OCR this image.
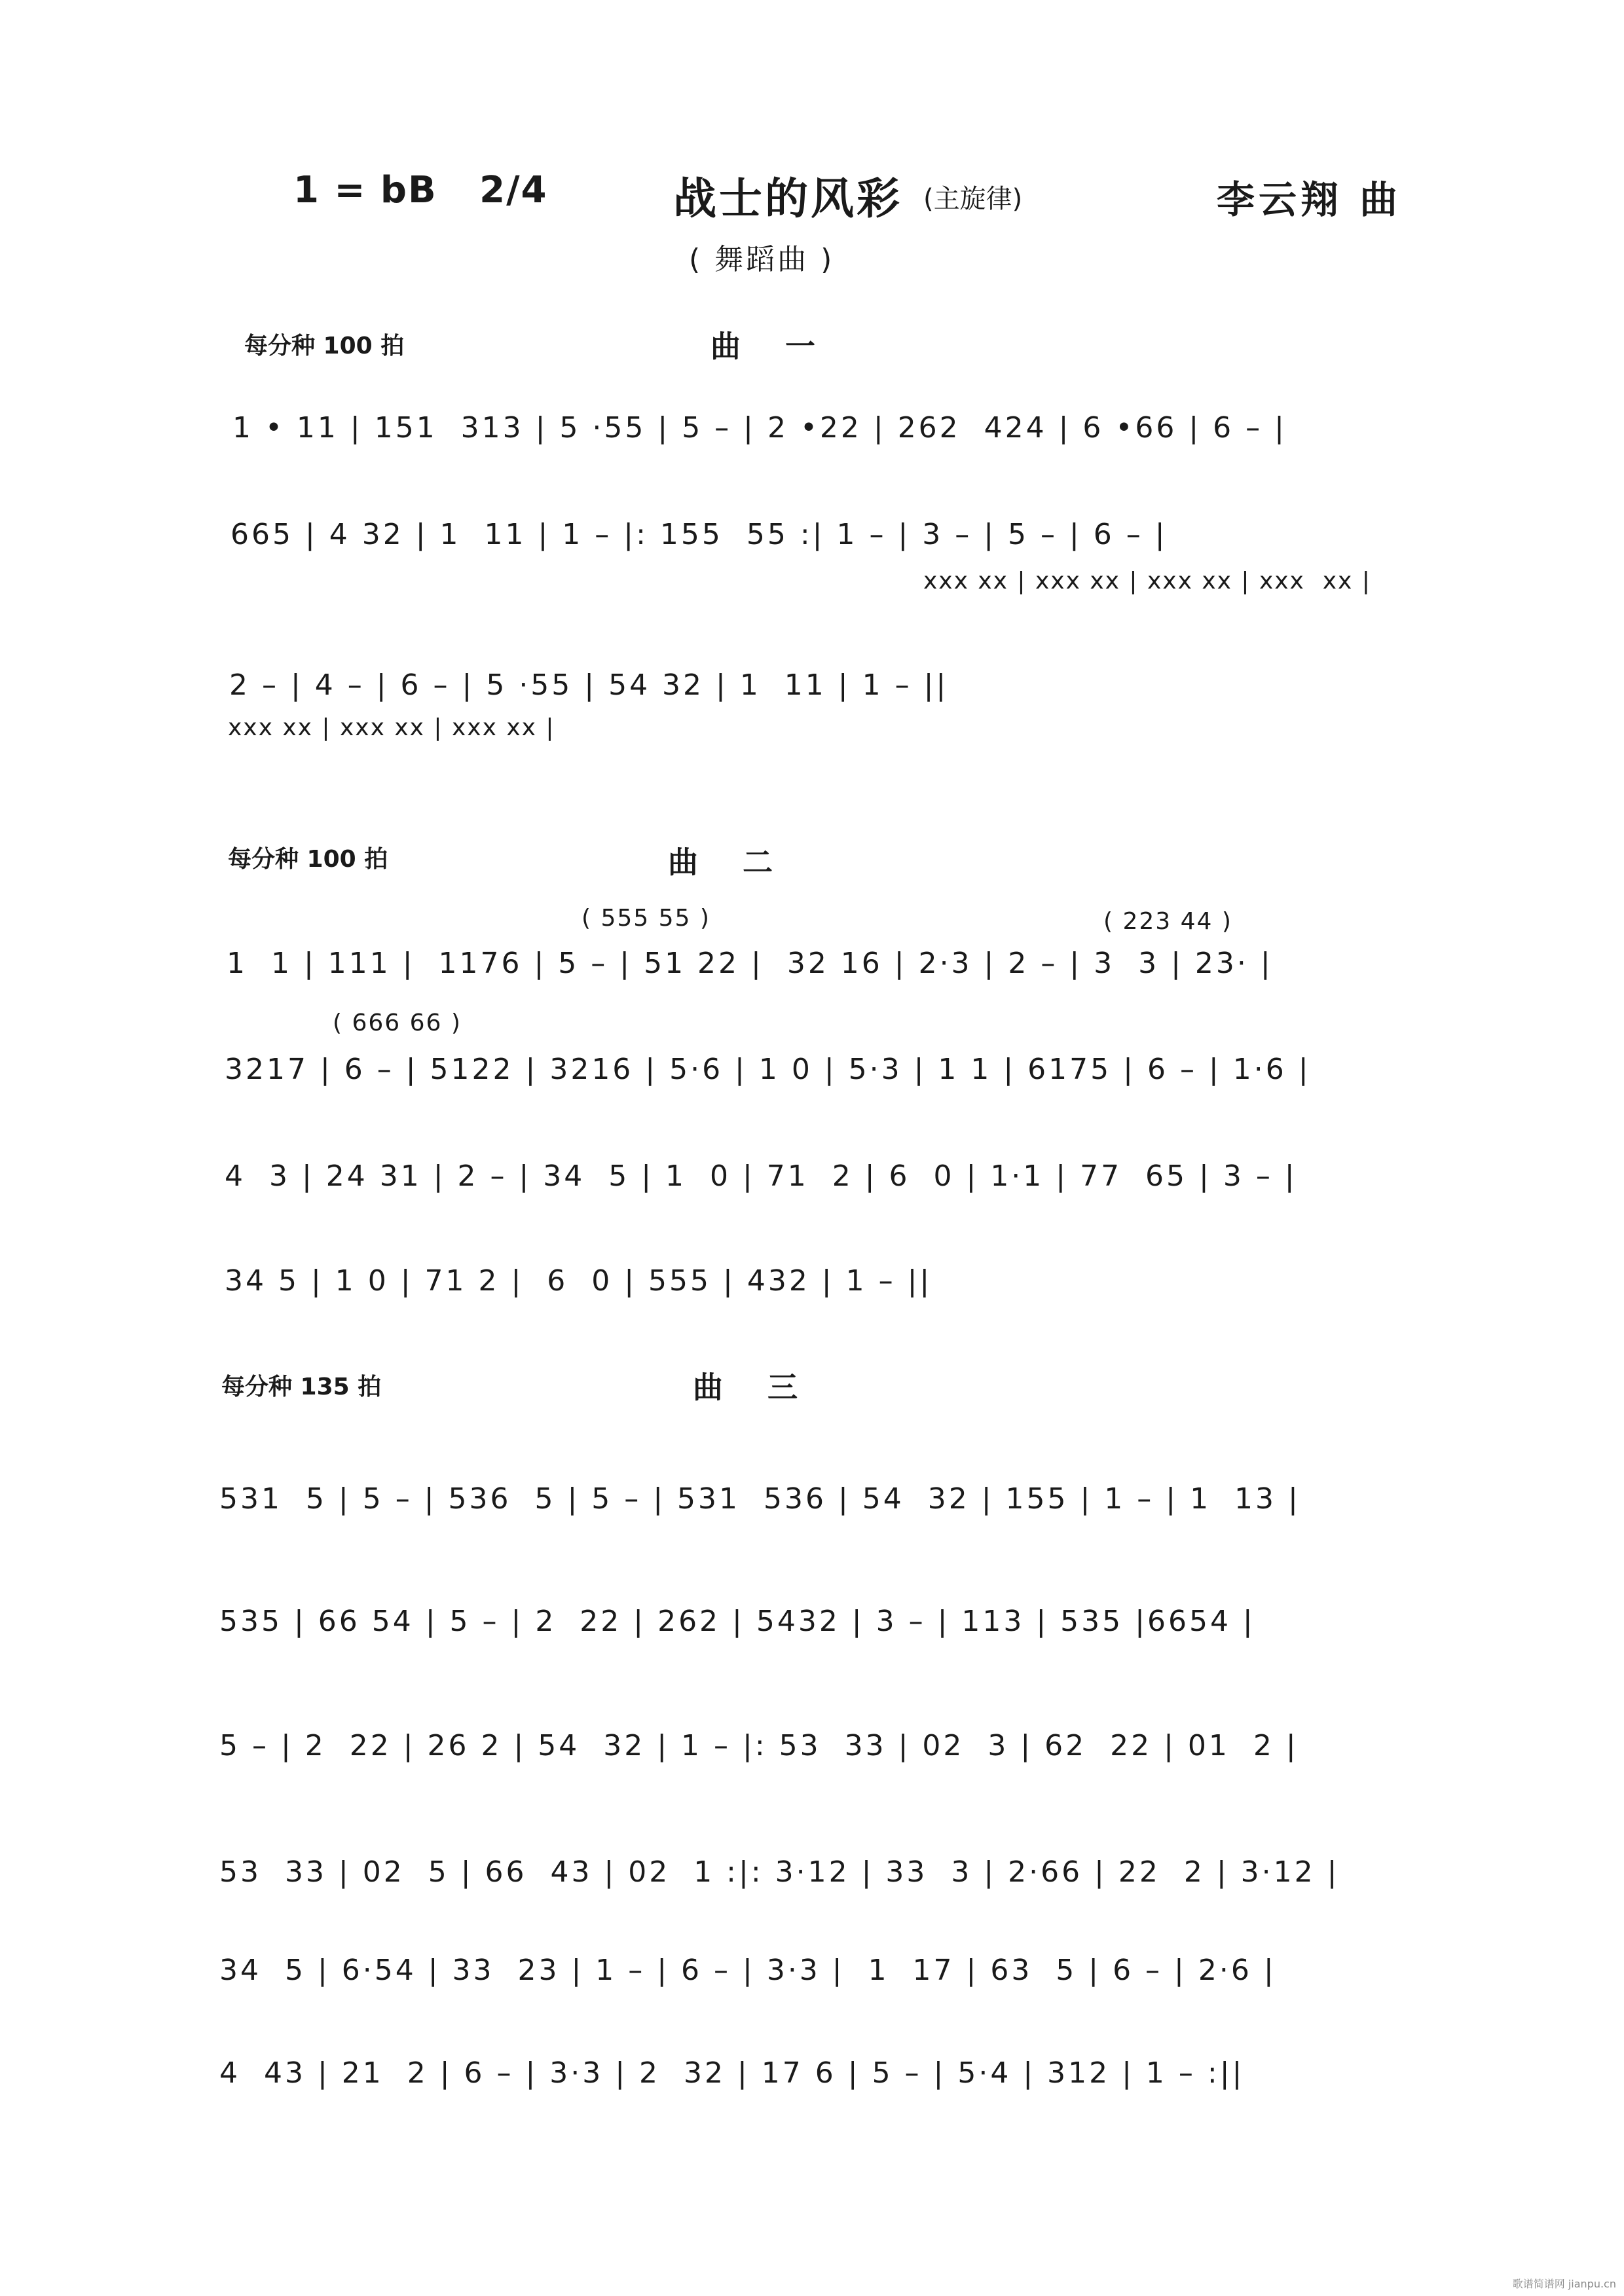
1 = bB   2/4	战士的风彩 (主旋律)	李云翔 曲
( 舞蹈曲 )
每分种 100 拍	曲 一
1 • 11 | 151  313 | 5 ·55 | 5 – | 2 •22 | 262  424 | 6 •66 | 6 – |
665 | 4 32 | 1  11 | 1 – |: 155  55 :| 1 – | 3 – | 5 – | 6 – |
xxx xx | xxx xx | xxx xx | xxx  xx |
2 – | 4 – | 6 – | 5 ·55 | 54 32 | 1  11 | 1 – ||
xxx xx | xxx xx | xxx xx |
每分种 100 拍	曲 二
( 555 55 )	( 223 44 )
1  1 | 111 |  1176 | 5 – | 51 22 |  32 16 | 2·3 | 2 – | 3  3 | 23· |
( 666 66 )
3217 | 6 – | 5122 | 3216 | 5·6 | 1 0 | 5·3 | 1 1 | 6175 | 6 – | 1·6 |
4  3 | 24 31 | 2 – | 34  5 | 1  0 | 71  2 | 6  0 | 1·1 | 77  65 | 3 – |
34 5 | 1 0 | 71 2 |  6  0 | 555 | 432 | 1 – ||
每分种 135 拍	曲 三
531  5 | 5 – | 536  5 | 5 – | 531  536 | 54  32 | 155 | 1 – | 1  13 |
535 | 66 54 | 5 – | 2  22 | 262 | 5432 | 3 – | 113 | 535 |6654 |
5 – | 2  22 | 26 2 | 54  32 | 1 – |: 53  33 | 02  3 | 62  22 | 01  2 |
53  33 | 02  5 | 66  43 | 02  1 :|: 3·12 | 33  3 | 2·66 | 22  2 | 3·12 |
34  5 | 6·54 | 33  23 | 1 – | 6 – | 3·3 |  1  17 | 63  5 | 6 – | 2·6 |
4  43 | 21  2 | 6 – | 3·3 | 2  32 | 17 6 | 5 – | 5·4 | 312 | 1 – :||
歌谱简谱网 jianpu.cn
